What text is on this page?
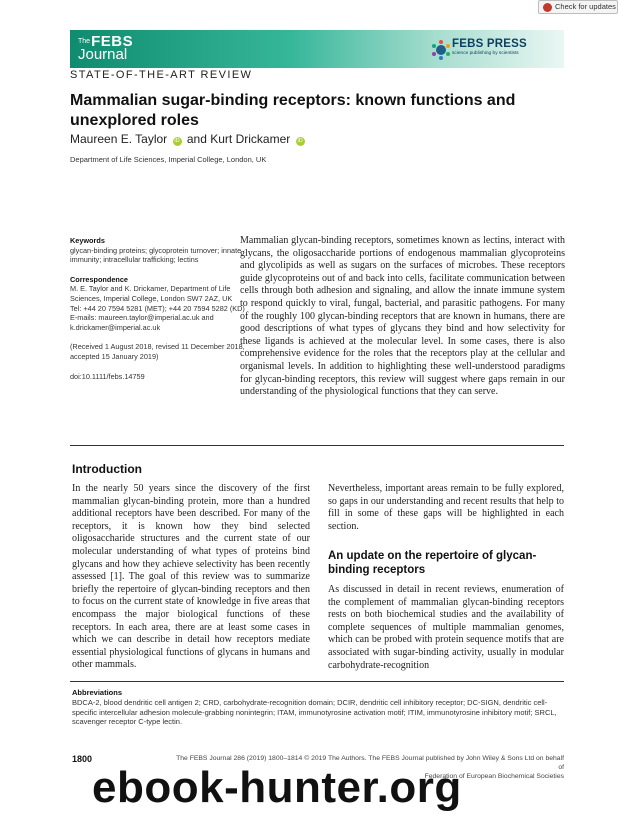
Check for updates
$^{The}$FEBS
Journal
FEBS PRESS
science publishing by scientists
STATE-OF-THE-ART REVIEW
Mammalian sugar-binding receptors: known functions and unexplored roles
Maureen E. Taylor iD and Kurt Drickamer iD
Department of Life Sciences, Imperial College, London, UK

Keywords

glycan-binding proteins; glycoprotein turnover; innate immunity; intracellular trafficking; lectins

Correspondence

M. E. Taylor and K. Drickamer, Department of Life Sciences, Imperial College, London SW7 2AZ, UK

Tel: +44 20 7594 5281 (MET); +44 20 7594 5282 (KD)

E-mails: maureen.taylor@imperial.ac.uk and k.drickamer@imperial.ac.uk

(Received 1 August 2018, revised 11 December 2018, accepted 15 January 2019)

doi:10.1111/febs.14759

Mammalian glycan-binding receptors, sometimes known as lectins, interact with glycans, the oligosaccharide portions of endogenous mammalian glycoproteins and glycolipids as well as sugars on the surfaces of microbes. These receptors guide glycoproteins out of and back into cells, facilitate communication between cells through both adhesion and signaling, and allow the innate immune system to respond quickly to viral, fungal, bacterial, and parasitic pathogens. For many of the roughly 100 glycan-binding receptors that are known in humans, there are good descriptions of what types of glycans they bind and how selectivity for these ligands is achieved at the molecular level. In some cases, there is also comprehensive evidence for the roles that the receptors play at the cellular and organismal levels. In addition to highlighting these well-understood paradigms for glycan-binding receptors, this review will suggest where gaps remain in our understanding of the physiological functions that they can serve.

Introduction

In the nearly 50 years since the discovery of the first mammalian glycan-binding protein, more than a hundred additional receptors have been described. For many of the receptors, it is known how they bind selected oligosaccharide structures and the current state of our molecular understanding of what types of proteins bind glycans and how they achieve selectivity has been recently assessed [1]. The goal of this review was to summarize briefly the repertoire of glycan-binding receptors and then to focus on the current state of knowledge in five areas that encompass the major biological functions of these receptors. In each area, there are at least some cases in which we can describe in detail how receptors mediate essential physiological functions of glycans in humans and other mammals.

Nevertheless, important areas remain to be fully explored, so gaps in our understanding and recent results that help to fill in some of these gaps will be highlighted in each section.

An update on the repertoire of glycan-binding receptors

As discussed in detail in recent reviews, enumeration of the complement of mammalian glycan-binding receptors rests on both biochemical studies and the availability of complete sequences of multiple mammalian genomes, which can be probed with protein sequence motifs that are associated with sugar-binding activity, usually in modular carbohydrate-recognition

Abbreviations

BDCA-2, blood dendritic cell antigen 2; CRD, carbohydrate-recognition domain; DCIR, dendritic cell inhibitory receptor; DC-SIGN, dendritic cell-specific intercellular adhesion molecule-grabbing nonintegrin; ITAM, immunotyrosine activation motif; ITIM, immunotyrosine inhibitory motif; SRCL, scavenger receptor C-type lectin.

1800	The FEBS Journal 286 (2019) 1800–1814 © 2019 The Authors. The FEBS Journal published by John Wiley & Sons Ltd on behalf of
Federation of European Biochemical Societies
ebook-hunter.org
